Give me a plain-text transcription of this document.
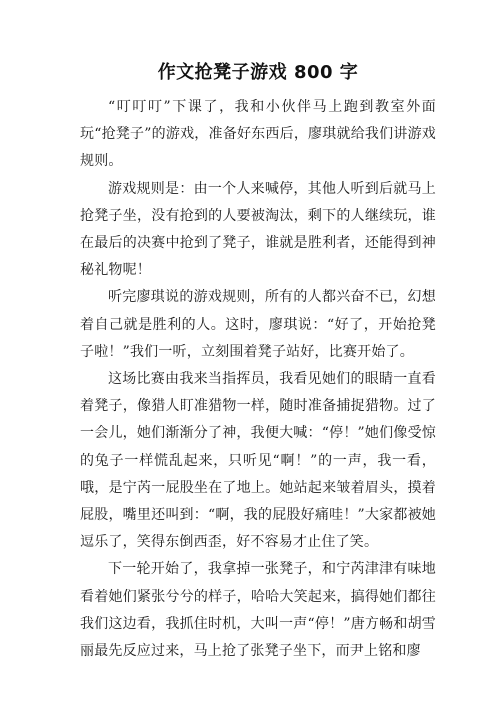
作文抢凳子游戏 800 字

“叮叮叮”下课了，我和小伙伴马上跑到教室外面玩“抢凳子”的游戏，准备好东西后，廖琪就给我们讲游戏规则。

游戏规则是：由一个人来喊停，其他人听到后就马上抢凳子坐，没有抢到的人要被淘汰，剩下的人继续玩，谁在最后的决赛中抢到了凳子，谁就是胜利者，还能得到神秘礼物呢！

听完廖琪说的游戏规则，所有的人都兴奋不已，幻想着自己就是胜利的人。这时，廖琪说：“好了，开始抢凳子啦！”我们一听，立刻围着凳子站好，比赛开始了。

这场比赛由我来当指挥员，我看见她们的眼睛一直看着凳子，像猎人盯准猎物一样，随时准备捕捉猎物。过了一会儿，她们渐渐分了神，我便大喊：“停！”她们像受惊的兔子一样慌乱起来，只听见“啊！”的一声，我一看，哦，是宁芮一屁股坐在了地上。她站起来皱着眉头，摸着屁股，嘴里还叫到：“啊，我的屁股好痛哇！”大家都被她逗乐了，笑得东倒西歪，好不容易才止住了笑。

下一轮开始了，我拿掉一张凳子，和宁芮津津有味地看着她们紧张兮兮的样子，哈哈大笑起来，搞得她们都往我们这边看，我抓住时机，大叫一声“停！”唐方畅和胡雪丽最先反应过来，马上抢了张凳子坐下，而尹上铭和廖
